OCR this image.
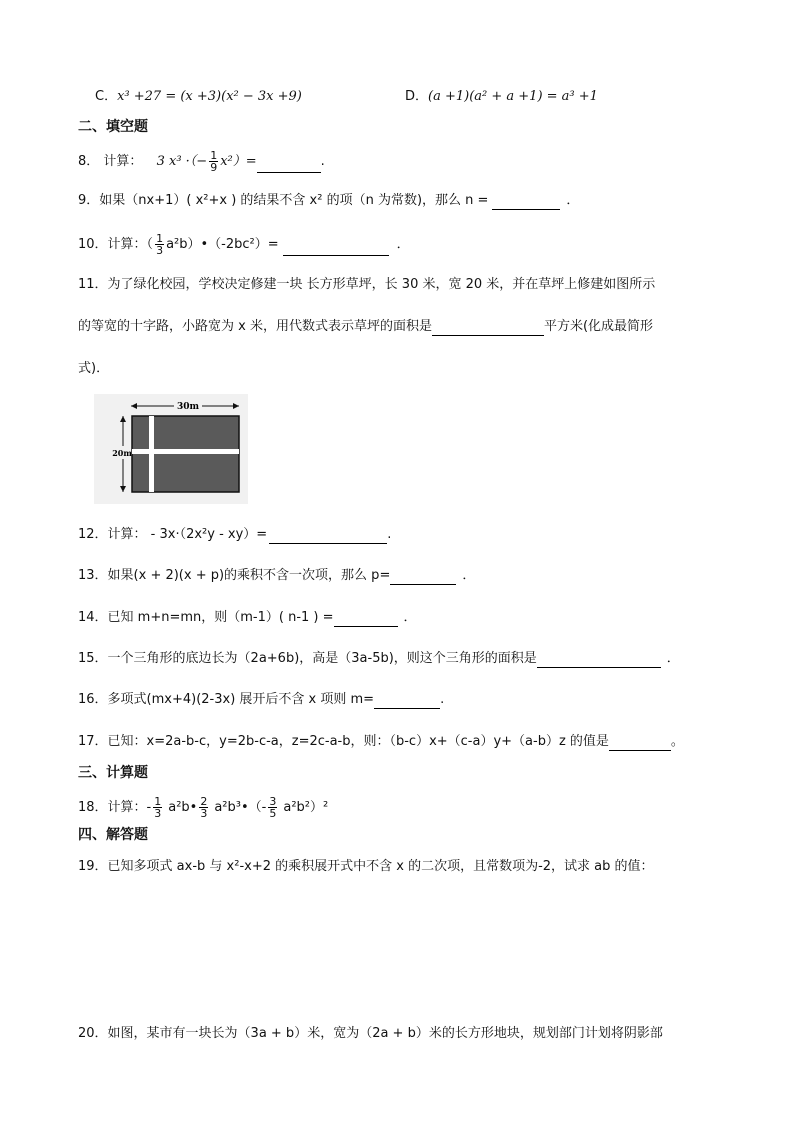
C．x³ +27 = (x +3)(x² − 3x +9)	D．(a +1)(a² + a +1) = a³ +1
二、填空题
8． 计算： 3 x³ ·（− $\frac{1}{9} x^2)=$	.
9．如果（nx+1）( x²+x ) 的结果不含 x² 的项（n 为常数)，那么 n =	．
10．计算：（ $\frac{1}{3}$ a²b）•（-2bc²）=	．
11．为了绿化校园，学校决定修建一块 长方形草坪，长 30 米，宽 20 米，并在草坪上修建如图所示
的等宽的十字路，小路宽为 x 米，用代数式表示草坪的面积是	平方米(化成最简形
式)．
30m
20m
12．计算： - 3x·（2x²y - xy）=	.
13．如果(x + 2)(x + p)的乘积不含一次项，那么 p=	．
14．已知 m+n=mn，则（m-1）( n-1 ) =	．
15．一个三角形的底边长为（2a+6b)，高是（3a-5b)，则这个三角形的面积是	．
16．多项式(mx+4)(2-3x) 展开后不含 x 项则 m=	.
17．已知：x=2a-b-c，y=2b-c-a，z=2c-a-b，则：（b-c）x+（c-a）y+（a-b）z 的值是	。
三、计算题
18．计算：- $\frac{1}{3}$ a²b• $\frac{2}{3}$ a²b³•（- $\frac{3}{5} a^2b^2)^2$
四、解答题
19．已知多项式 ax-b 与 x²-x+2 的乘积展开式中不含 x 的二次项，且常数项为-2，试求 ab 的值：
20．如图，某市有一块长为（3a + b）米，宽为（2a + b）米的长方形地块，规划部门计划将阴影部
